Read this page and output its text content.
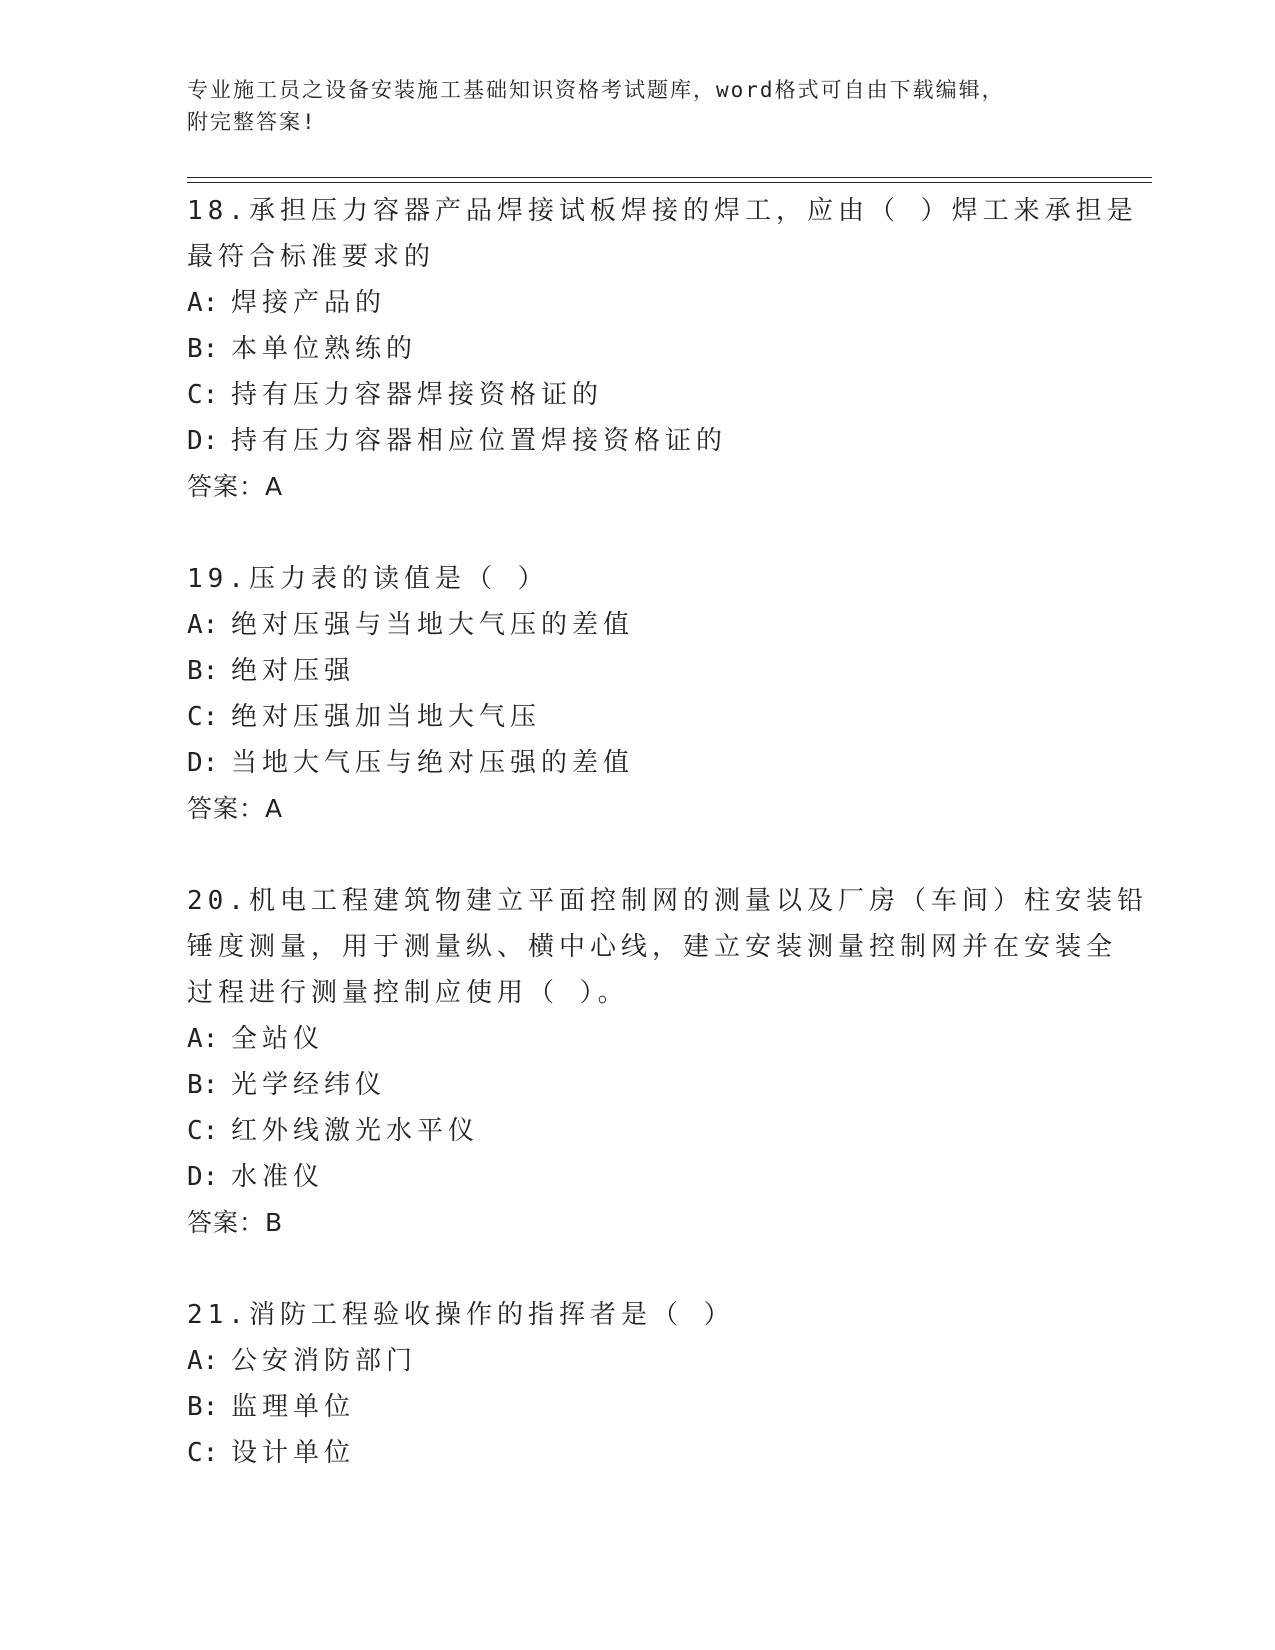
专业施工员之设备安装施工基础知识资格考试题库，word格式可自由下载编辑，
附完整答案!
18.承担压力容器产品焊接试板焊接的焊工，应由（ ）焊工来承担是
最符合标准要求的
A: 焊接产品的
B: 本单位熟练的
C: 持有压力容器焊接资格证的
D: 持有压力容器相应位置焊接资格证的
答案：A
19.压力表的读值是（ ）
A: 绝对压强与当地大气压的差值
B: 绝对压强
C: 绝对压强加当地大气压
D: 当地大气压与绝对压强的差值
答案：A
20.机电工程建筑物建立平面控制网的测量以及厂房（车间）柱安装铅
锤度测量，用于测量纵、横中心线，建立安装测量控制网并在安装全
过程进行测量控制应使用（ ）。
A: 全站仪
B: 光学经纬仪
C: 红外线激光水平仪
D: 水准仪
答案：B
21.消防工程验收操作的指挥者是（ ）
A: 公安消防部门
B: 监理单位
C: 设计单位
